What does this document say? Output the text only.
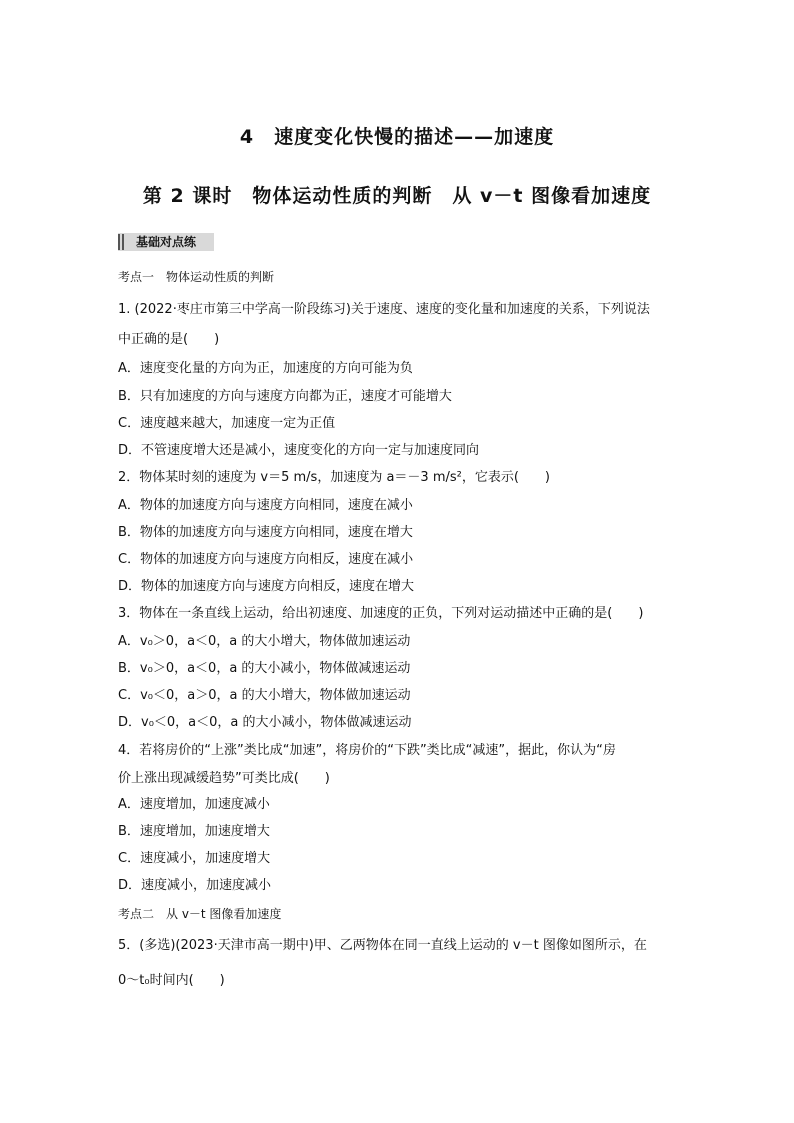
4　速度变化快慢的描述——加速度
第 2 课时　物体运动性质的判断　从 v－t 图像看加速度
基础对点练
考点一　物体运动性质的判断
1. (2022·枣庄市第三中学高一阶段练习)关于速度、速度的变化量和加速度的关系，下列说法
中正确的是(　　)
A．速度变化量的方向为正，加速度的方向可能为负
B．只有加速度的方向与速度方向都为正，速度才可能增大
C．速度越来越大，加速度一定为正值
D．不管速度增大还是减小，速度变化的方向一定与加速度同向
2．物体某时刻的速度为 v＝5 m/s，加速度为 a＝－3 m/s²，它表示(　　)
A．物体的加速度方向与速度方向相同，速度在减小
B．物体的加速度方向与速度方向相同，速度在增大
C．物体的加速度方向与速度方向相反，速度在减小
D．物体的加速度方向与速度方向相反，速度在增大
3．物体在一条直线上运动，给出初速度、加速度的正负，下列对运动描述中正确的是(　　)
A．v₀＞0，a＜0，a 的大小增大，物体做加速运动
B．v₀＞0，a＜0，a 的大小减小，物体做减速运动
C．v₀＜0，a＞0，a 的大小增大，物体做加速运动
D．v₀＜0，a＜0，a 的大小减小，物体做减速运动
4．若将房价的“上涨”类比成“加速”，将房价的“下跌”类比成“减速”，据此，你认为“房
价上涨出现减缓趋势”可类比成(　　)
A．速度增加，加速度减小
B．速度增加，加速度增大
C．速度减小，加速度增大
D．速度减小，加速度减小
考点二　从 v－t 图像看加速度
5．(多选)(2023·天津市高一期中)甲、乙两物体在同一直线上运动的 v－t 图像如图所示，在
0～t₀时间内(　　)
